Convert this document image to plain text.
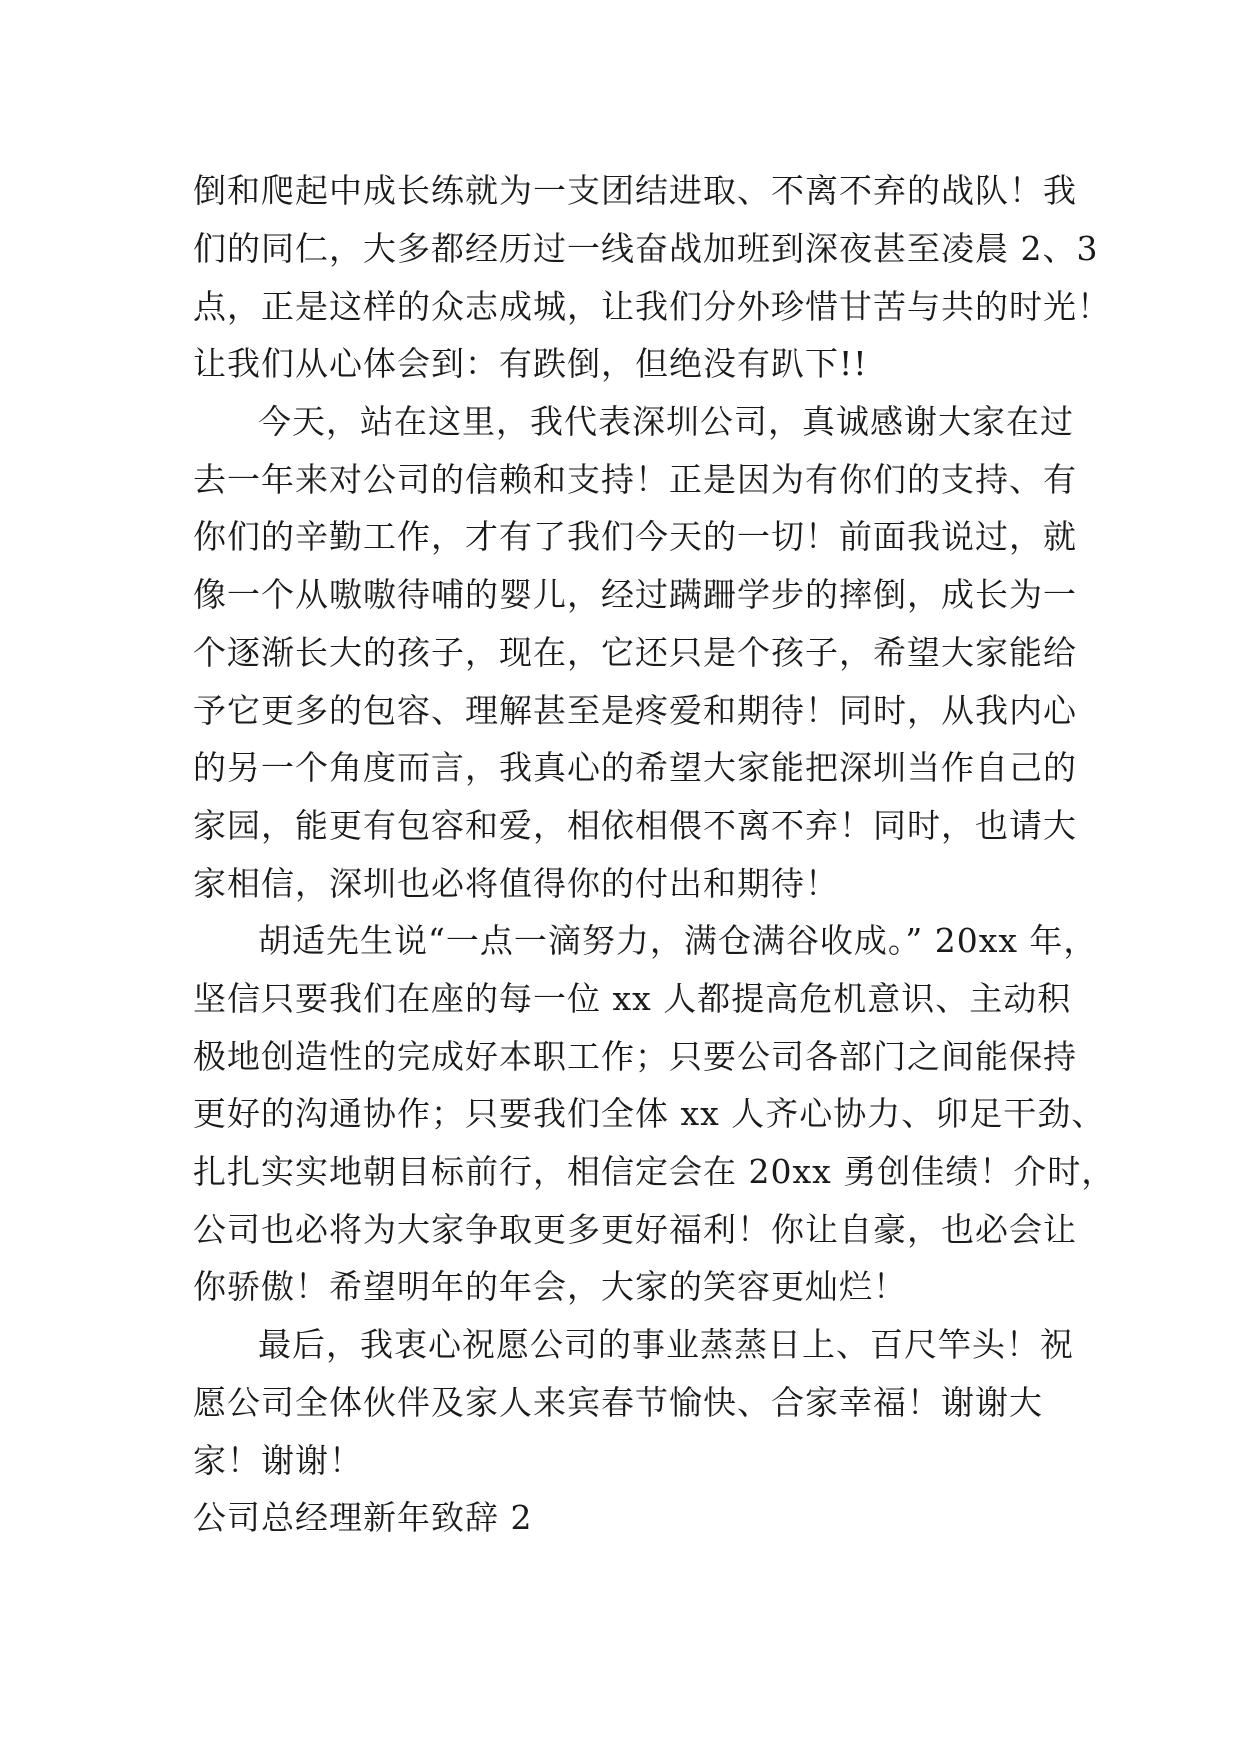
倒和爬起中成长练就为一支团结进取、不离不弃的战队！我
们的同仁，大多都经历过一线奋战加班到深夜甚至凌晨 2、3
点，正是这样的众志成城，让我们分外珍惜甘苦与共的时光！
让我们从心体会到：有跌倒，但绝没有趴下!!
今天，站在这里，我代表深圳公司，真诚感谢大家在过
去一年来对公司的信赖和支持！正是因为有你们的支持、有
你们的辛勤工作，才有了我们今天的一切！前面我说过，就
像一个从嗷嗷待哺的婴儿，经过蹒跚学步的摔倒，成长为一
个逐渐长大的孩子，现在，它还只是个孩子，希望大家能给
予它更多的包容、理解甚至是疼爱和期待！同时，从我内心
的另一个角度而言，我真心的希望大家能把深圳当作自己的
家园，能更有包容和爱，相依相偎不离不弃！同时，也请大
家相信，深圳也必将值得你的付出和期待！
胡适先生说“一点一滴努力，满仓满谷收成。” 20xx 年，
坚信只要我们在座的每一位 xx 人都提高危机意识、主动积
极地创造性的完成好本职工作；只要公司各部门之间能保持
更好的沟通协作；只要我们全体 xx 人齐心协力、卯足干劲、
扎扎实实地朝目标前行，相信定会在 20xx 勇创佳绩！介时，
公司也必将为大家争取更多更好福利！你让自豪，也必会让
你骄傲！希望明年的年会，大家的笑容更灿烂！
最后，我衷心祝愿公司的事业蒸蒸日上、百尺竿头！祝
愿公司全体伙伴及家人来宾春节愉快、合家幸福！谢谢大
家！谢谢！
公司总经理新年致辞 2
